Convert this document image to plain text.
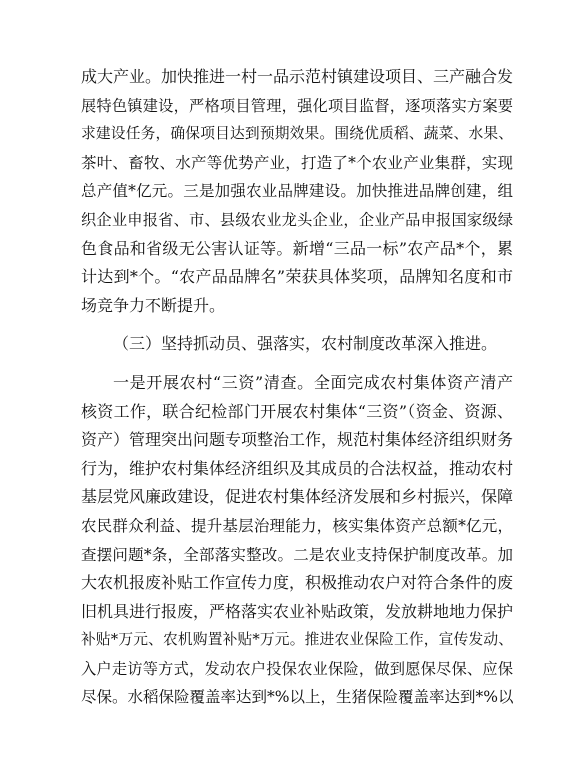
成大产业。加快推进一村一品示范村镇建设项目、三产融合发
展特色镇建设，严格项目管理，强化项目监督，逐项落实方案要
求建设任务，确保项目达到预期效果。围绕优质稻、蔬菜、水果、
茶叶、畜牧、水产等优势产业，打造了*个农业产业集群，实现
总产值*亿元。三是加强农业品牌建设。加快推进品牌创建，组
织企业申报省、市、县级农业龙头企业，企业产品申报国家级绿
色食品和省级无公害认证等。新增“三品一标”农产品*个，累
计达到*个。“农产品品牌名”荣获具体奖项，品牌知名度和市
场竞争力不断提升。
（三）坚持抓动员、强落实，农村制度改革深入推进。
一是开展农村“三资”清查。全面完成农村集体资产清产
核资工作，联合纪检部门开展农村集体“三资”（资金、资源、
资产）管理突出问题专项整治工作，规范村集体经济组织财务
行为，维护农村集体经济组织及其成员的合法权益，推动农村
基层党风廉政建设，促进农村集体经济发展和乡村振兴，保障
农民群众利益、提升基层治理能力，核实集体资产总额*亿元，
查摆问题*条，全部落实整改。二是农业支持保护制度改革。加
大农机报废补贴工作宣传力度，积极推动农户对符合条件的废
旧机具进行报废，严格落实农业补贴政策，发放耕地地力保护
补贴*万元、农机购置补贴*万元。推进农业保险工作，宣传发动、
入户走访等方式，发动农户投保农业保险，做到愿保尽保、应保
尽保。水稻保险覆盖率达到*%以上，生猪保险覆盖率达到*%以
